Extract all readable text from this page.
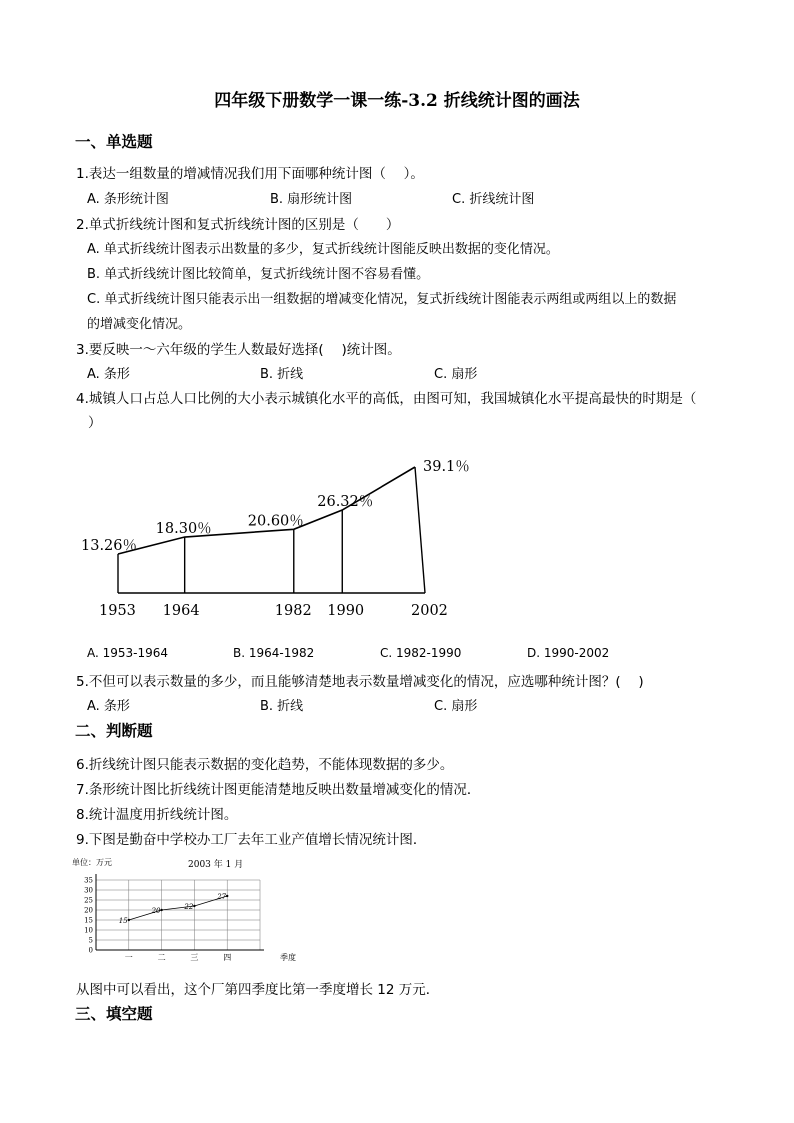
四年级下册数学一课一练-3.2 折线统计图的画法
一、单选题
1.表达一组数量的增减情况我们用下面哪种统计图（　 ）。
A. 条形统计图	B. 扇形统计图	C. 折线统计图
2.单式折线统计图和复式折线统计图的区别是（　　）
A. 单式折线统计图表示出数量的多少，复式折线统计图能反映出数据的变化情况。
B. 单式折线统计图比较简单，复式折线统计图不容易看懂。
C. 单式折线统计图只能表示出一组数据的增减变化情况，复式折线统计图能表示两组或两组以上的数据
的增减变化情况。
3.要反映一～六年级的学生人数最好选择(　 )统计图。
A. 条形	B. 折线	C. 扇形
4.城镇人口占总人口比例的大小表示城镇化水平的高低，由图可知，我国城镇化水平提高最快的时期是（
）
13.26％
18.30％ 20.60％
26.32％
39.1％
1953 1964	1982 1990	2002
A. 1953-1964	B. 1964-1982	C. 1982-1990	D. 1990-2002
5.不但可以表示数量的多少，而且能够清楚地表示数量增减变化的情况，应选哪种统计图？(　 )
A. 条形	B. 折线	C. 扇形
二、判断题
6.折线统计图只能表示数据的变化趋势，不能体现数据的多少。
7.条形统计图比折线统计图更能清楚地反映出数量增减变化的情况．
8.统计温度用折线统计图。
9.下图是勤奋中学校办工厂去年工业产值增长情况统计图．
单位：万元	2003 年 1 月
0
5
10
15
20
25
30
35
15
20	22
27
一	二	三	四	季度
从图中可以看出，这个厂第四季度比第一季度增长 12 万元．
三、填空题
